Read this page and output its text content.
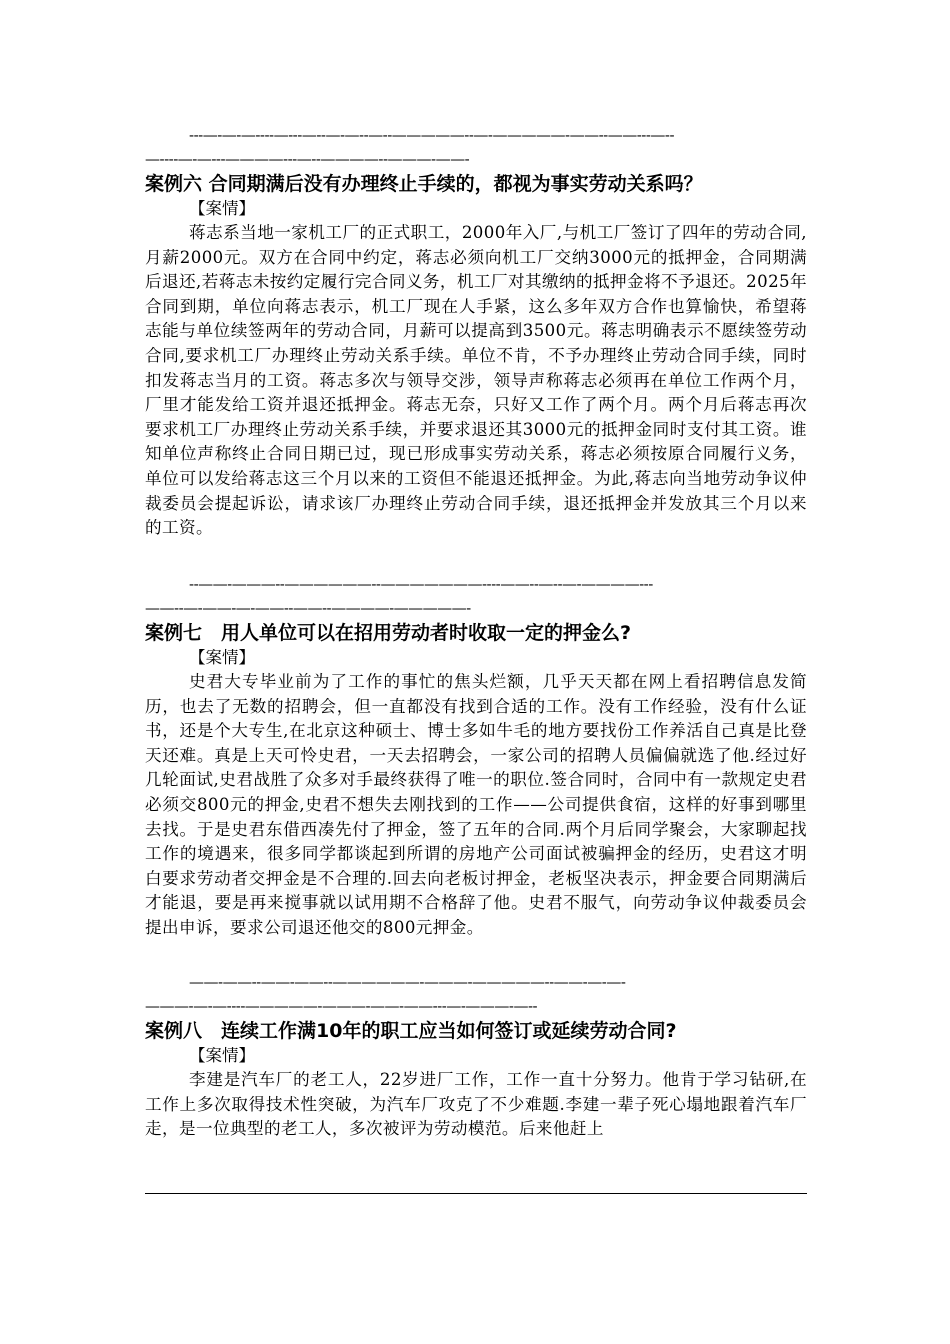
---—-—-—----—---—--—-—--—--—————--—-—————-——--——---—--
—----—-—---————---—--————--———-——-
案例六 合同期满后没有办理终止手续的，都视为事实劳动关系吗？

【案情】

蒋志系当地一家机工厂的正式职工，2000年入厂,与机工厂签订了四年的劳动合同,月薪2000元。双方在合同中约定，蒋志必须向机工厂交纳3000元的抵押金，合同期满后退还,若蒋志未按约定履行完合同义务，机工厂对其缴纳的抵押金将不予退还。2025年合同到期，单位向蒋志表示，机工厂现在人手紧，这么多年双方合作也算愉快，希望蒋志能与单位续签两年的劳动合同，月薪可以提高到3500元。蒋志明确表示不愿续签劳动合同,要求机工厂办理终止劳动关系手续。单位不肯，不予办理终止劳动合同手续，同时扣发蒋志当月的工资。蒋志多次与领导交涉，领导声称蒋志必须再在单位工作两个月，厂里才能发给工资并退还抵押金。蒋志无奈，只好又工作了两个月。两个月后蒋志再次要求机工厂办理终止劳动关系手续，并要求退还其3000元的抵押金同时支付其工资。谁知单位声称终止合同日期已过，现已形成事实劳动关系，蒋志必须按原合同履行义务，单位可以发给蒋志这三个月以来的工资但不能退还抵押金。为此,蒋志向当地劳动争议仲裁委员会提起诉讼，请求该厂办理终止劳动合同手续，退还抵押金并发放其三个月以来的工资。

--——-———--——————--———————----——--—--—-————---
——--—-——-—-——--——--————-—————-
案例七　用人单位可以在招用劳动者时收取一定的押金么?

【案情】

史君大专毕业前为了工作的事忙的焦头烂额，几乎天天都在网上看招聘信息发简历，也去了无数的招聘会，但一直都没有找到合适的工作。没有工作经验，没有什么证书，还是个大专生,在北京这种硕士、博士多如牛毛的地方要找份工作养活自己真是比登天还难。真是上天可怜史君，一天去招聘会，一家公司的招聘人员偏偏就选了他.经过好几轮面试,史君战胜了众多对手最终获得了唯一的职位.签合同时，合同中有一款规定史君必须交800元的押金,史君不想失去刚找到的工作——公司提供食宿，这样的好事到哪里去找。于是史君东借西凑先付了押金，签了五年的合同.两个月后同学聚会，大家聊起找工作的境遇来，很多同学都谈起到所谓的房地产公司面试被骗押金的经历，史君这才明白要求劳动者交押金是不合理的.回去向老板讨押金，老板坚决表示，押金要合同期满后才能退，要是再来搅事就以试用期不合格辞了他。史君不服气，向劳动争议仲裁委员会提出申诉，要求公司退还他交的800元押金。

——-——--——-——--——————-———-—————--——-—-—-
———-—-—----—————-———-——-——---—-———-—--
案例八　连续工作满10年的职工应当如何签订或延续劳动合同?

【案情】

李建是汽车厂的老工人，22岁进厂工作，工作一直十分努力。他肯于学习钻研,在工作上多次取得技术性突破，为汽车厂攻克了不少难题.李建一辈子死心塌地跟着汽车厂走，是一位典型的老工人，多次被评为劳动模范。后来他赶上
